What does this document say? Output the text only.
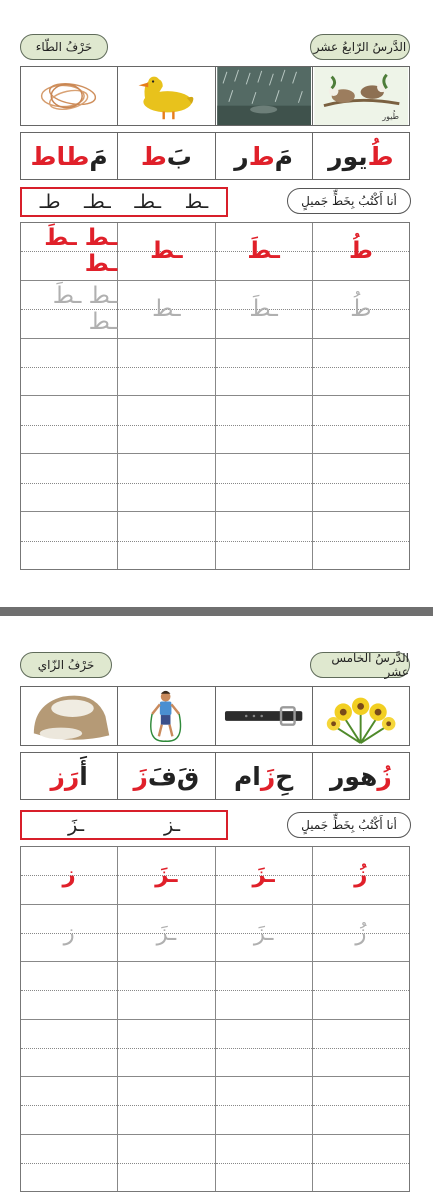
الدَّرسُ الرّابعُ عشر
حَرْفُ الطّاء
طُيور
طُ
يور
مَ
ط
ر
بَ
ط
مَ
طاط
أنا أَكْتُبُ بِخَطٍّ جَميلٍ
ـط
ـطـ
ـطـ
طـ
طُ
ـطَ
ـط
ـط ـطَ ـط
طُ
ـطَ
ـط
ـط ـطَ ـط
الدَّرسُ الخامس عشر
حَرْفُ الزّاي
زُ
هور
حِ
زَ
ام
قَ
فَ
زَ
أَ
رَز
أنا أَكْتُبُ بِخَطٍّ جَميلٍ
ـز
ـزَ
زُ
ـزَ
ـزَ
ز
زُ
ـزَ
ـزَ
ز
